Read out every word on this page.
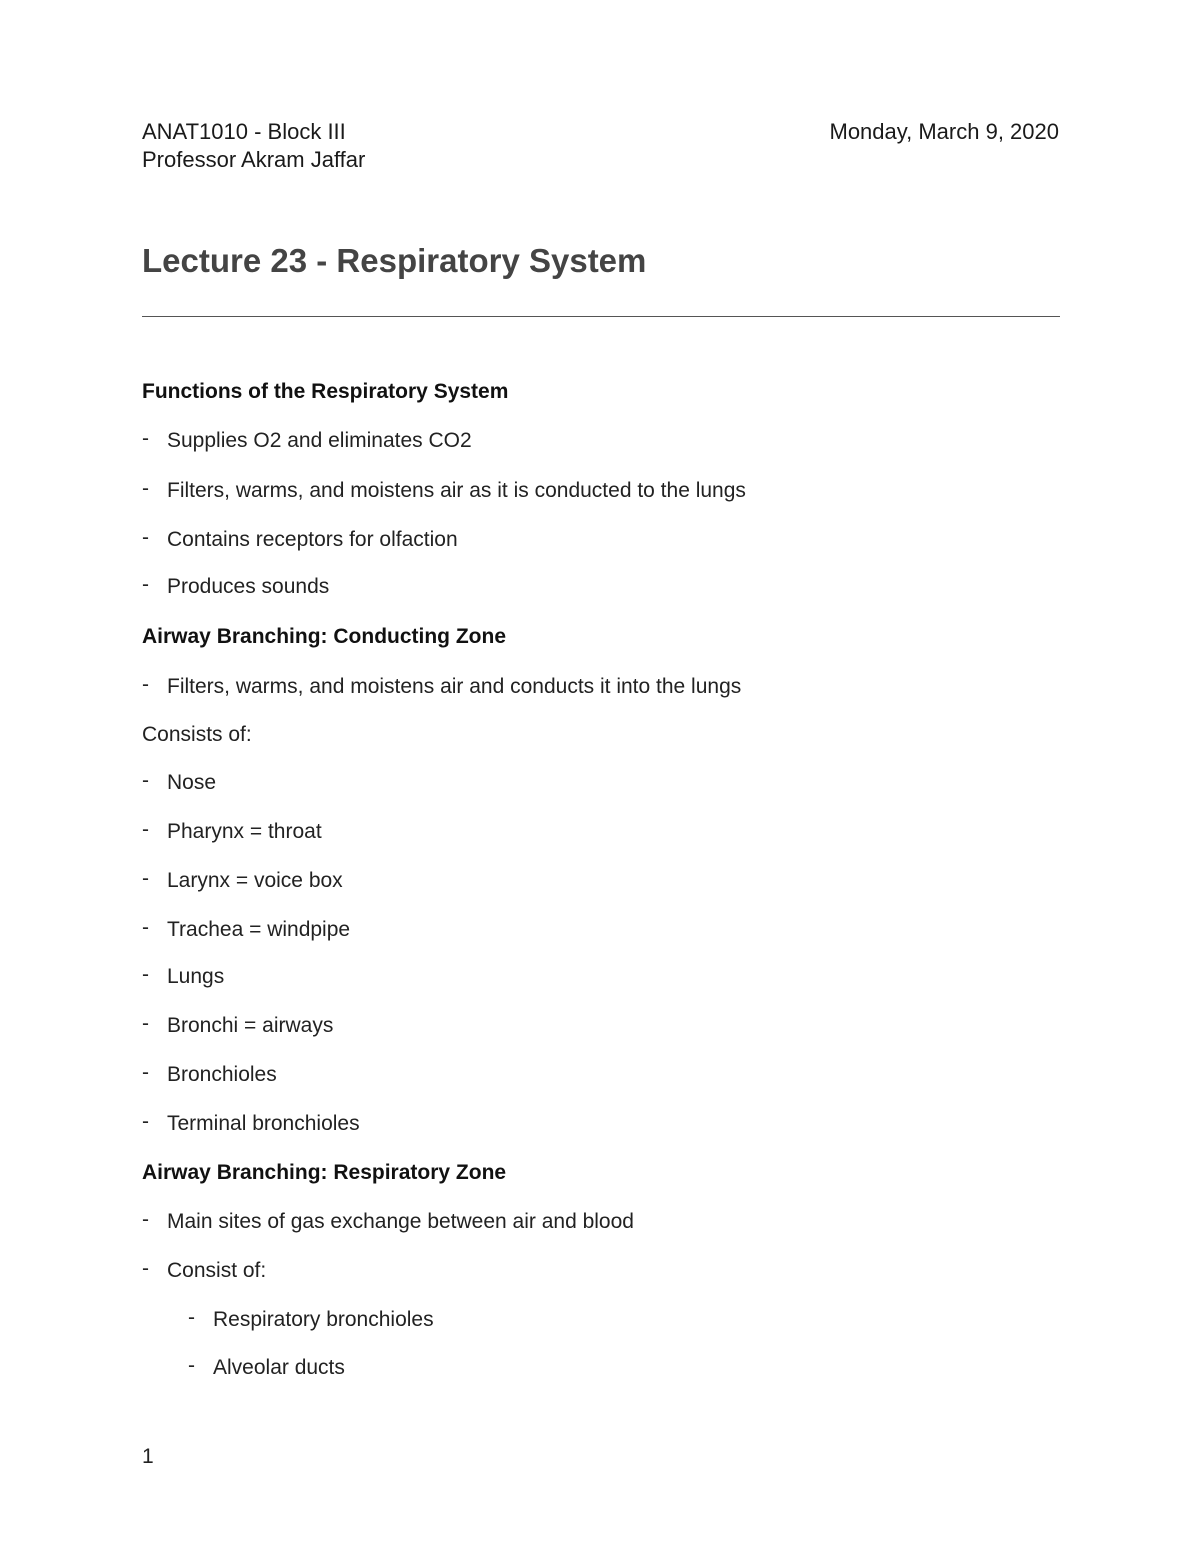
ANAT1010 - Block III
Professor Akram Jaffar
Monday, March 9, 2020
Lecture 23 - Respiratory System
Functions of the Respiratory System
- Supplies O2 and eliminates CO2
- Filters, warms, and moistens air as it is conducted to the lungs
- Contains receptors for olfaction
- Produces sounds
Airway Branching: Conducting Zone
- Filters, warms, and moistens air and conducts it into the lungs
Consists of:
- Nose
- Pharynx = throat
- Larynx = voice box
- Trachea = windpipe
- Lungs
- Bronchi = airways
- Bronchioles
- Terminal bronchioles
Airway Branching: Respiratory Zone
- Main sites of gas exchange between air and blood
- Consist of:
- Respiratory bronchioles
- Alveolar ducts
1
